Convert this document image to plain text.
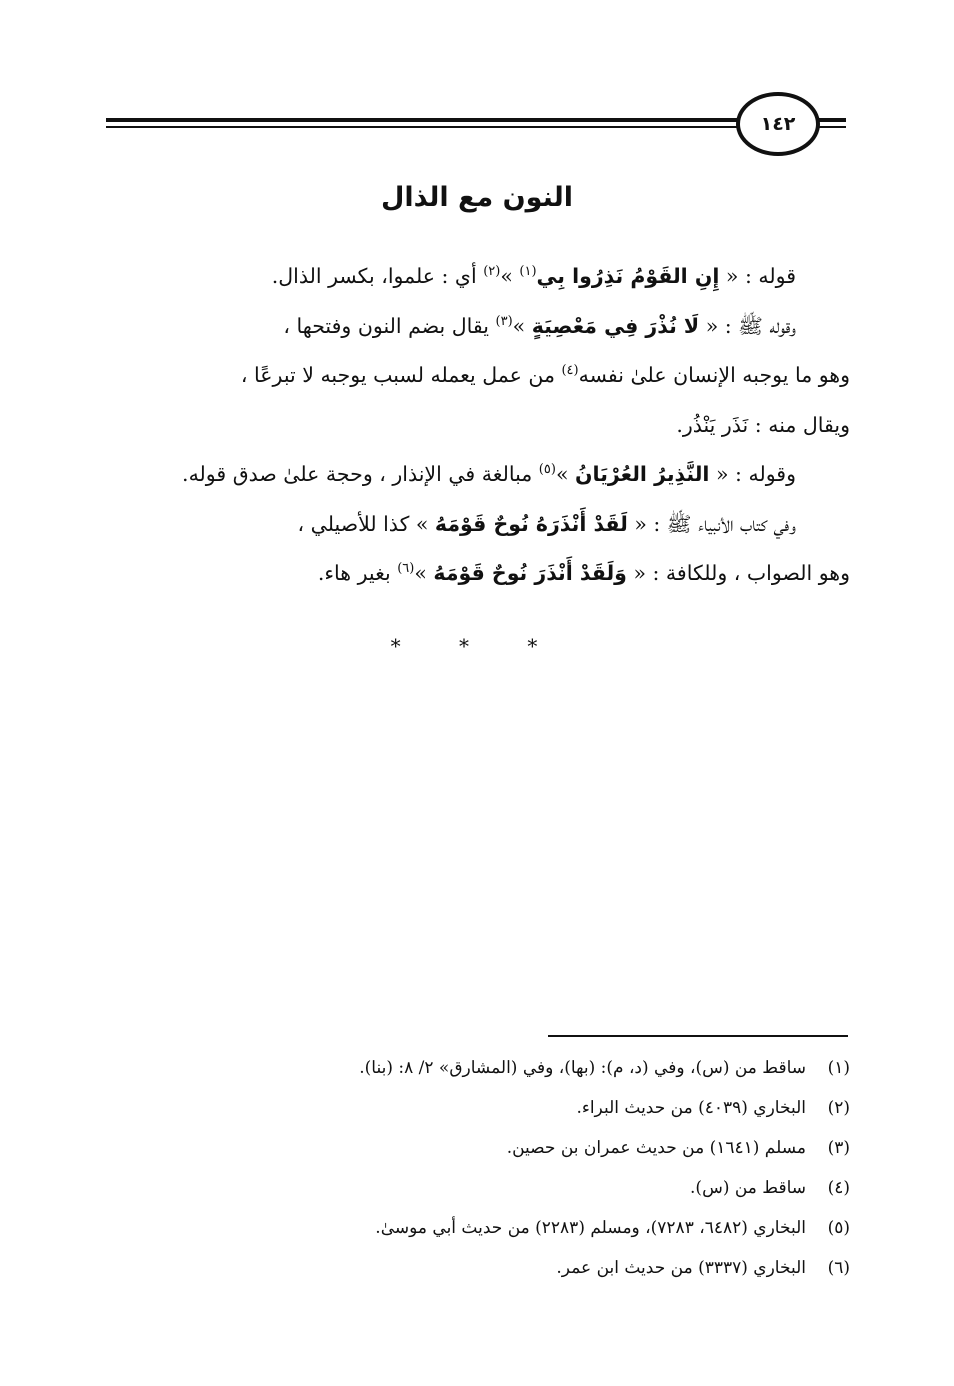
١٤٢
النون مع الذال

قوله : « إِنِ القَوْمُ نَذِرُوا بِي$^{(١)}$ »$^{(٢)}$ أي : علموا، بكسر الذال.

وقوله ﷺ : « لَا نُذْرَ فِي مَعْصِيَةٍ »$^{(٣)}$ يقال بضم النون وفتحها ،

وهو ما يوجبه الإنسان علىٰ نفسه$^{(٤)}$ من عمل يعمله لسبب يوجبه لا تبرعًا ،

ويقال منه : نَذَر يَنْذُر.

وقوله : « النَّذِيرُ العُرْيَانُ »$^{(٥)}$ مبالغة في الإنذار ، وحجة علىٰ صدق قوله.

وفي كتاب الأنبياء ﷺ : « لَقَدْ أَنْذَرَهُ نُوحٌ قَوْمَهُ » كذا للأصيلي ،

وهو الصواب ، وللكافة : « وَلَقَدْ أَنْذَرَ نُوحٌ قَوْمَهُ »$^{(٦)}$ بغير هاء.

* * *
(١)ساقط من (س)، وفي (د، م): (بها)، وفي (المشارق» ٢/ ٨: (بنا).
(٢)البخاري (٤٠٣٩) من حديث البراء.
(٣)مسلم (١٦٤١) من حديث عمران بن حصين.
(٤)ساقط من (س).
(٥)البخاري (٦٤٨٢، ٧٢٨٣)، ومسلم (٢٢٨٣) من حديث أبي موسىٰ.
(٦)البخاري (٣٣٣٧) من حديث ابن عمر.
